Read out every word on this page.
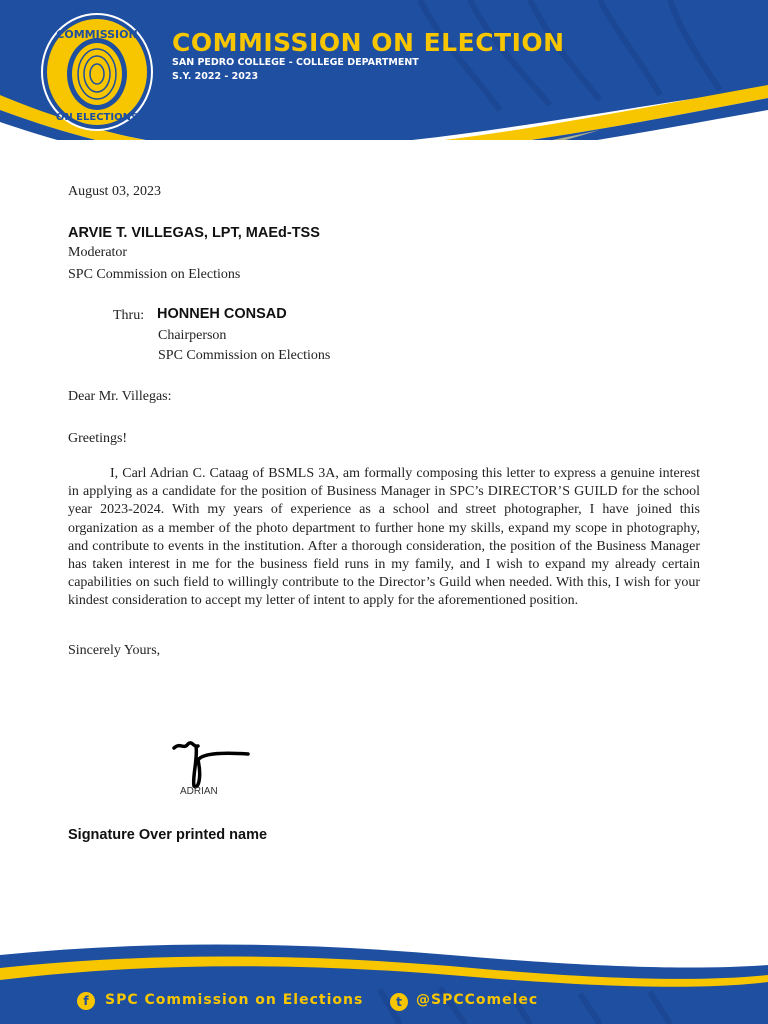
COMMISSION
ON ELECTIONS
COMMISSION ON ELECTION
SAN PEDRO COLLEGE - COLLEGE DEPARTMENT
S.Y. 2022 - 2023
August 03, 2023
ARVIE T. VILLEGAS, LPT, MAEd-TSS
Moderator
SPC Commission on Elections
Thru: HONNEH CONSAD
Chairperson
SPC Commission on Elections
Dear Mr. Villegas:
Greetings!
I, Carl Adrian C. Cataag of BSMLS 3A, am formally composing this letter to express a genuine interest in applying as a candidate for the position of Business Manager in SPC’s DIRECTOR’S GUILD for the school year 2023-2024. With my years of experience as a school and street photographer, I have joined this organization as a member of the photo department to further hone my skills, expand my scope in photography, and contribute to events in the institution. After a thorough consideration, the position of the Business Manager has taken interest in me for the business field runs in my family, and I wish to expand my already certain capabilities on such field to willingly contribute to the Director’s Guild when needed. With this, I wish for your kindest consideration to accept my letter of intent to apply for the aforementioned position.
Sincerely Yours,
ADRIAN
Signature Over printed name
f	SPC Commission on Elections	t	@SPCComelec
